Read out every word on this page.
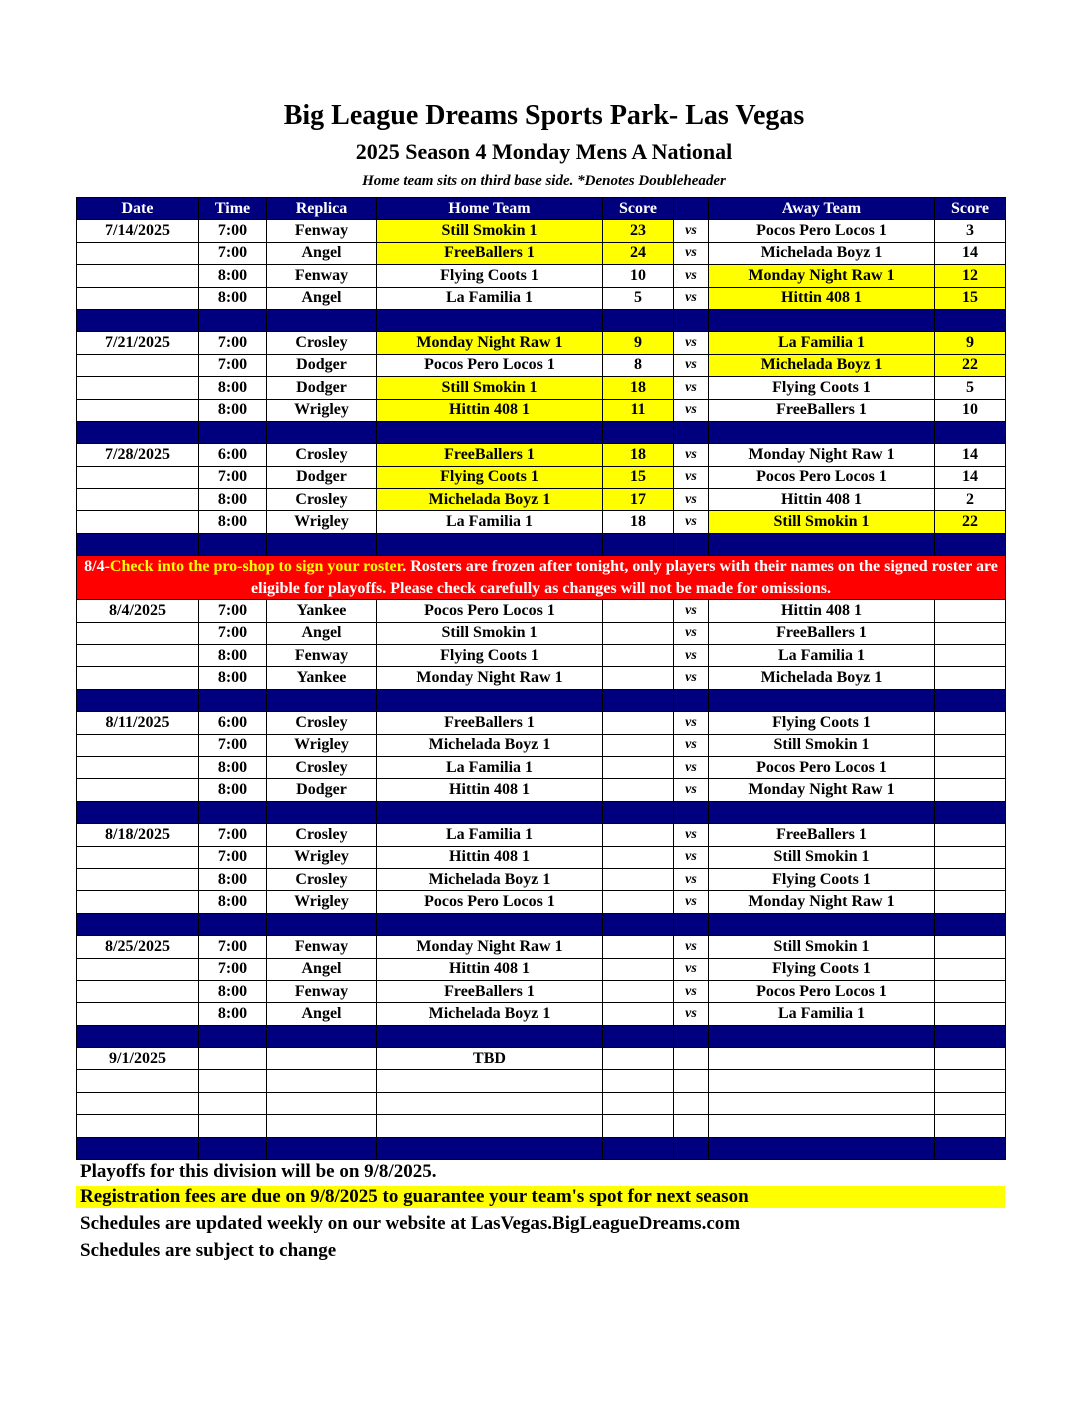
Big League Dreams Sports Park- Las Vegas
2025 Season 4 Monday Mens A National
Home team sits on third base side. *Denotes Doubleheader
Date	Time	Replica	Home Team	Score		Away Team	Score
7/14/2025	7:00	Fenway	Still Smokin 1	23	vs	Pocos Pero Locos 1	3
	7:00	Angel	FreeBallers 1	24	vs	Michelada Boyz 1	14
	8:00	Fenway	Flying Coots 1	10	vs	Monday Night Raw 1	12
	8:00	Angel	La Familia 1	5	vs	Hittin 408 1	15

7/21/2025	7:00	Crosley	Monday Night Raw 1	9	vs	La Familia 1	9
	7:00	Dodger	Pocos Pero Locos 1	8	vs	Michelada Boyz 1	22
	8:00	Dodger	Still Smokin 1	18	vs	Flying Coots 1	5
	8:00	Wrigley	Hittin 408 1	11	vs	FreeBallers 1	10

7/28/2025	6:00	Crosley	FreeBallers 1	18	vs	Monday Night Raw 1	14
	7:00	Dodger	Flying Coots 1	15	vs	Pocos Pero Locos 1	14
	8:00	Crosley	Michelada Boyz 1	17	vs	Hittin 408 1	2
	8:00	Wrigley	La Familia 1	18	vs	Still Smokin 1	22

8/4-Check into the pro-shop to sign your roster. Rosters are frozen after tonight, only players with their names on the signed roster are eligible for playoffs. Please check carefully as changes will not be made for omissions.							
8/4/2025	7:00	Yankee	Pocos Pero Locos 1		vs	Hittin 408 1	
	7:00	Angel	Still Smokin 1		vs	FreeBallers 1	
	8:00	Fenway	Flying Coots 1		vs	La Familia 1	
	8:00	Yankee	Monday Night Raw 1		vs	Michelada Boyz 1	

8/11/2025	6:00	Crosley	FreeBallers 1		vs	Flying Coots 1	
	7:00	Wrigley	Michelada Boyz 1		vs	Still Smokin 1	
	8:00	Crosley	La Familia 1		vs	Pocos Pero Locos 1	
	8:00	Dodger	Hittin 408 1		vs	Monday Night Raw 1	

8/18/2025	7:00	Crosley	La Familia 1		vs	FreeBallers 1	
	7:00	Wrigley	Hittin 408 1		vs	Still Smokin 1	
	8:00	Crosley	Michelada Boyz 1		vs	Flying Coots 1	
	8:00	Wrigley	Pocos Pero Locos 1		vs	Monday Night Raw 1	

8/25/2025	7:00	Fenway	Monday Night Raw 1		vs	Still Smokin 1	
	7:00	Angel	Hittin 408 1		vs	Flying Coots 1	
	8:00	Fenway	FreeBallers 1		vs	Pocos Pero Locos 1	
	8:00	Angel	Michelada Boyz 1		vs	La Familia 1	

9/1/2025			TBD				

Playoffs for this division will be on 9/8/2025.
Registration fees are due on 9/8/2025 to guarantee your team's spot for next season
Schedules are updated weekly on our website at LasVegas.BigLeagueDreams.com
Schedules are subject to change
